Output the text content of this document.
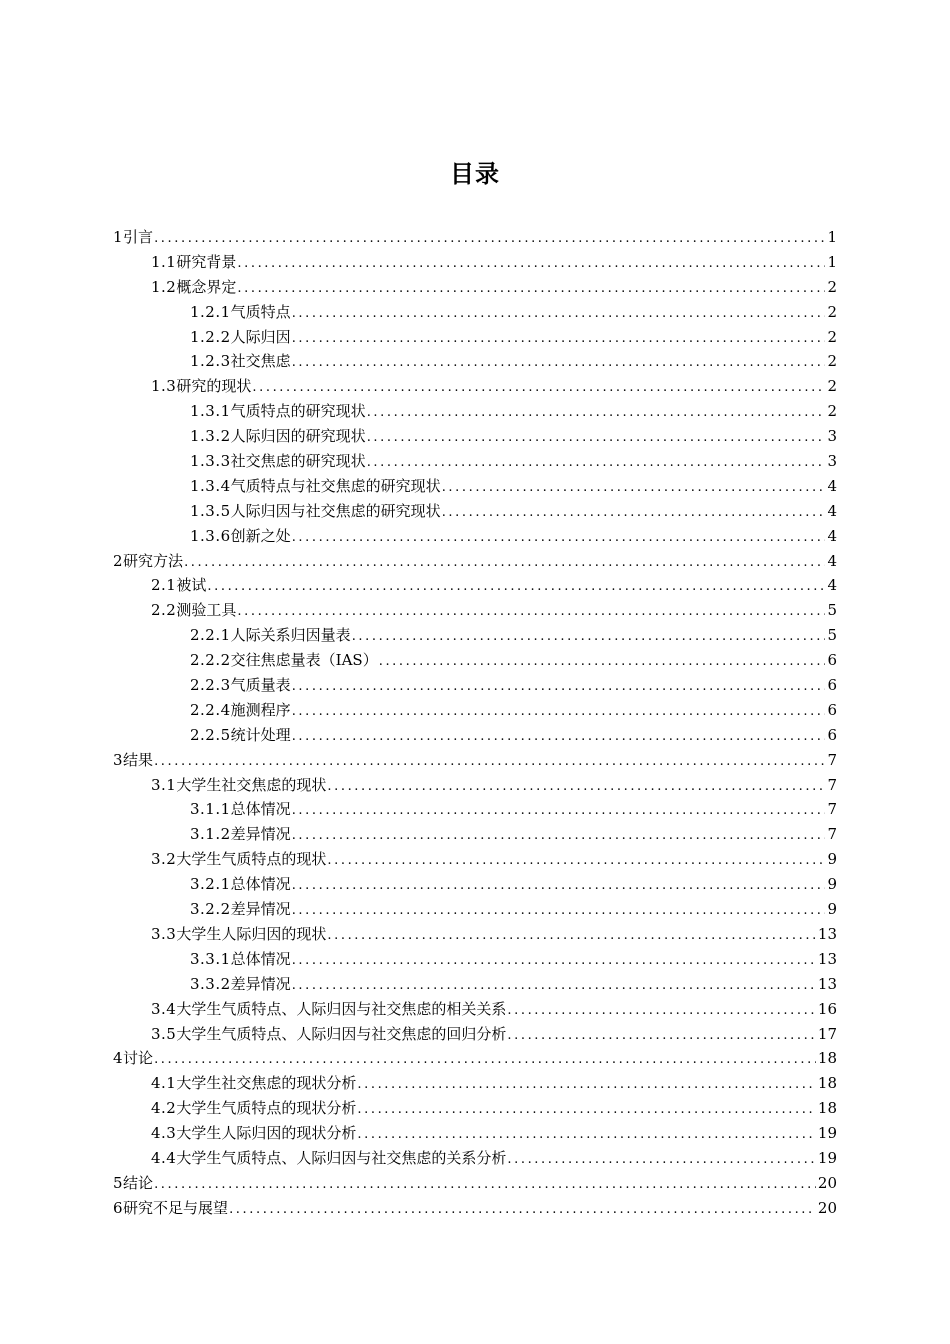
目录
1 引言 .....	1
1.1 研究背景 .....	1
1.2 概念界定 .....	2
1.2.1 气质特点 .....	2
1.2.2 人际归因 .....	2
1.2.3 社交焦虑 .....	2
1.3 研究的现状 .....	2
1.3.1 气质特点的研究现状 .....	2
1.3.2 人际归因的研究现状 .....	3
1.3.3 社交焦虑的研究现状 .....	3
1.3.4 气质特点与社交焦虑的研究现状 .....	4
1.3.5 人际归因与社交焦虑的研究现状 .....	4
1.3.6 创新之处 .....	4
2 研究方法 .....	4
2.1 被试 .....	4
2.2 测验工具 .....	5
2.2.1 人际关系归因量表 .....	5
2.2.2 交往焦虑量表（IAS） .....	6
2.2.3 气质量表 .....	6
2.2.4 施测程序 .....	6
2.2.5 统计处理 .....	6
3 结果 .....	7
3.1 大学生社交焦虑的现状 .....	7
3.1.1 总体情况 .....	7
3.1.2 差异情况 .....	7
3.2 大学生气质特点的现状 .....	9
3.2.1 总体情况 .....	9
3.2.2 差异情况 .....	9
3.3 大学生人际归因的现状 .....	13
3.3.1 总体情况 .....	13
3.3.2 差异情况 .....	13
3.4 大学生气质特点、人际归因与社交焦虑的相关关系 .....	16
3.5 大学生气质特点、人际归因与社交焦虑的回归分析 .....	17
4 讨论 .....	18
4.1 大学生社交焦虑的现状分析 .....	18
4.2 大学生气质特点的现状分析 .....	18
4.3 大学生人际归因的现状分析 .....	19
4.4 大学生气质特点、人际归因与社交焦虑的关系分析 .....	19
5 结论 .....	20
6 研究不足与展望 .....	20
